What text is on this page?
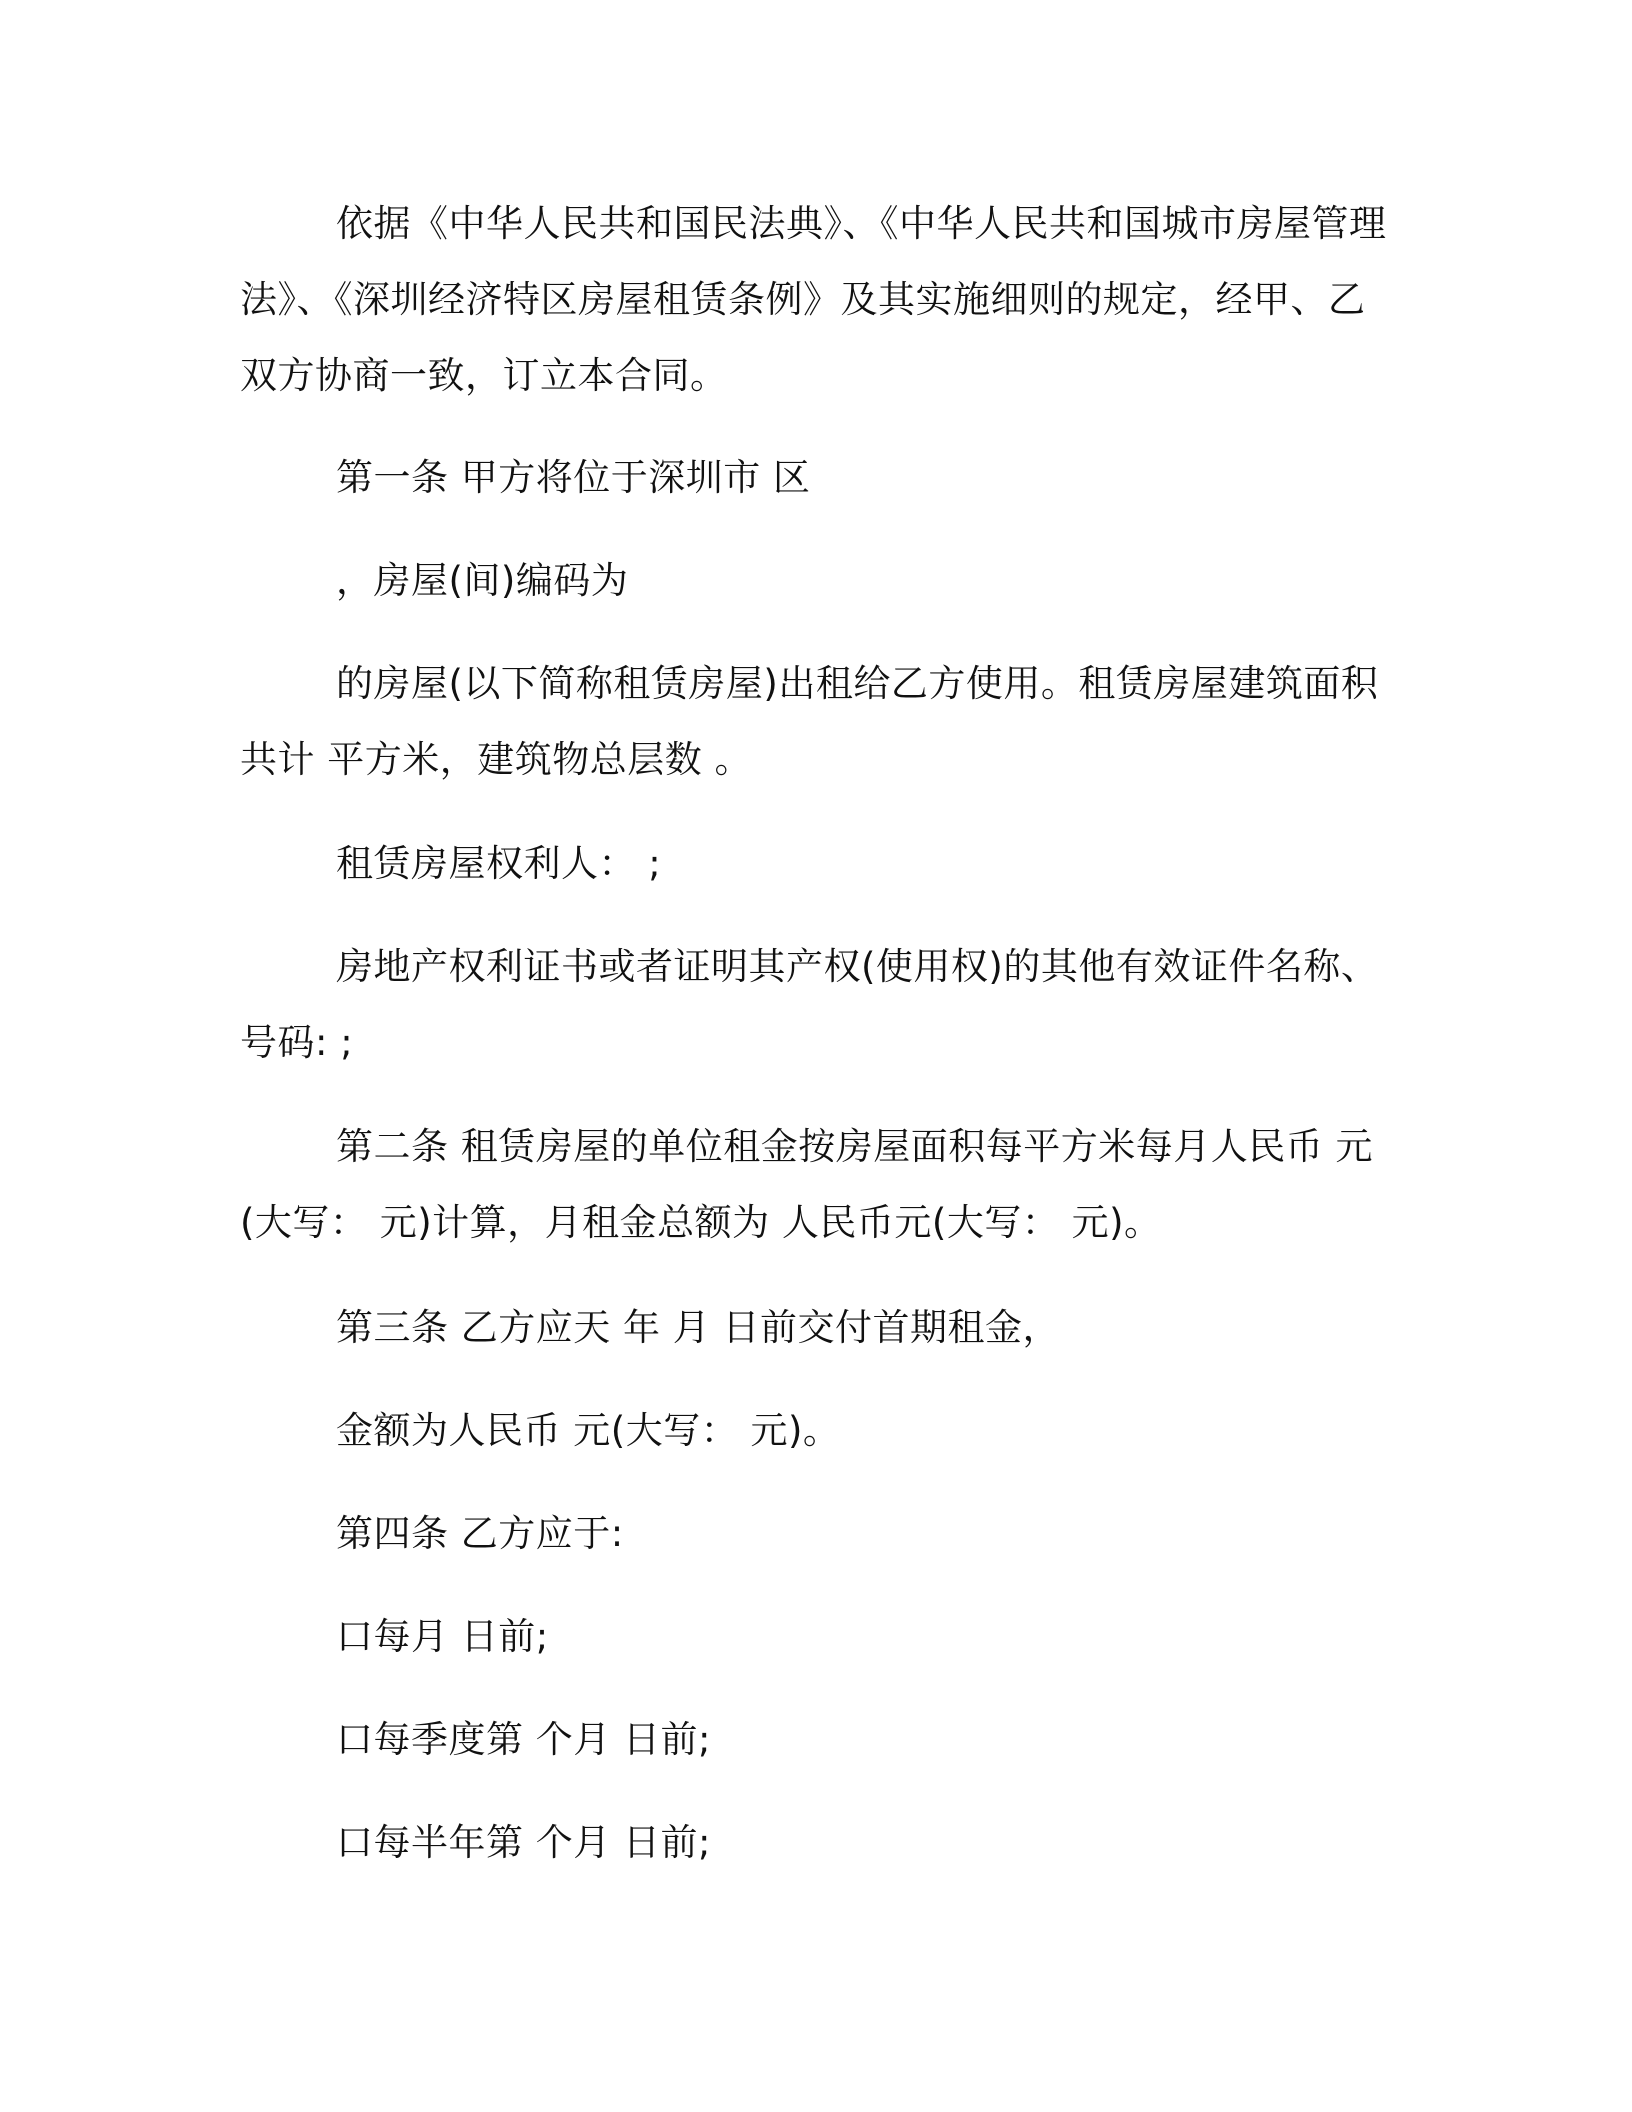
依据《中华人民共和国民法典》、《中华人民共和国城市房屋管理法》、《深圳经济特区房屋租赁条例》及其实施细则的规定，经甲、乙双方协商一致，订立本合同。

第一条 甲方将位于深圳市 区

，房屋(间)编码为

的房屋(以下简称租赁房屋)出租给乙方使用。租赁房屋建筑面积共计 平方米，建筑物总层数 。

租赁房屋权利人： ;

房地产权利证书或者证明其产权(使用权)的其他有效证件名称、号码: ;

第二条 租赁房屋的单位租金按房屋面积每平方米每月人民币 元(大写： 元)计算，月租金总额为 人民币元(大写： 元)。

第三条 乙方应天 年 月 日前交付首期租金，

金额为人民币 元(大写： 元)。

第四条 乙方应于:

口每月 日前;

口每季度第 个月 日前;

口每半年第 个月 日前;
